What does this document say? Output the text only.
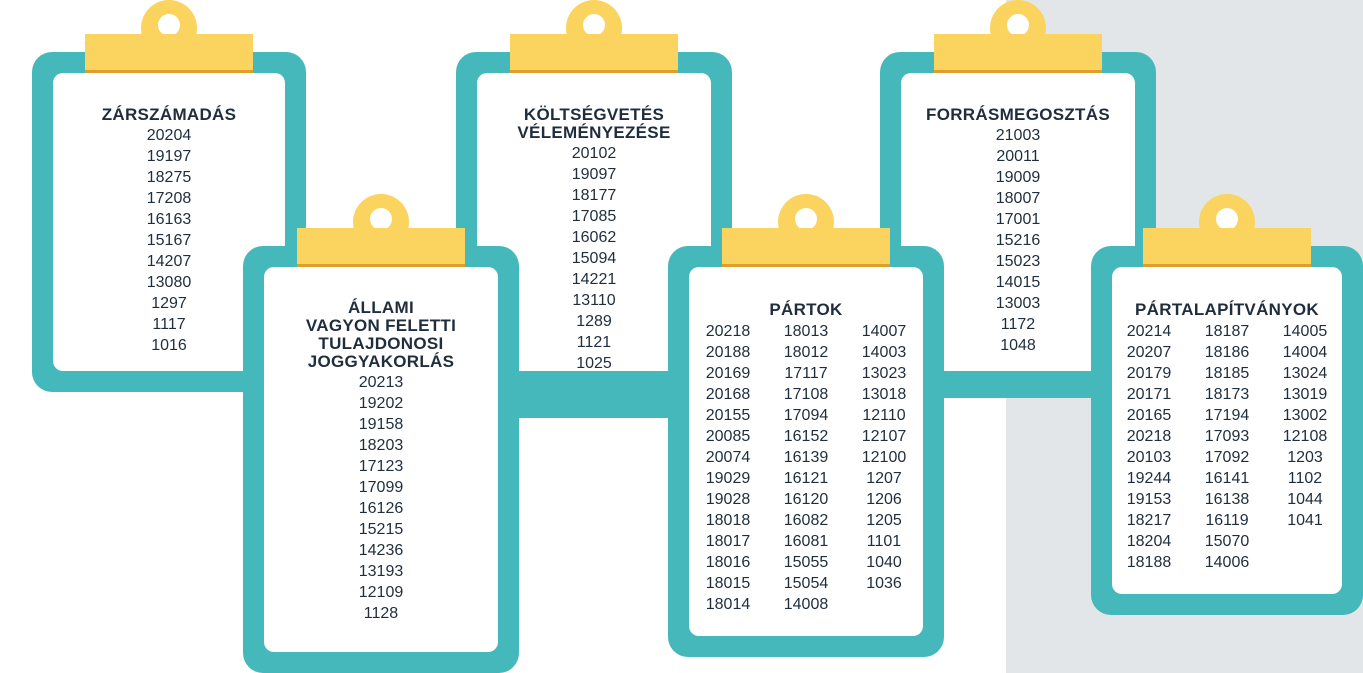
ZÁRSZÁMADÁS
20204
19197
18275
17208
16163
15167
14207
13080
1297
1117
1016
KÖLTSÉGVETÉS
VÉLEMÉNYEZÉSE
20102
19097
18177
17085
16062
15094
14221
13110
1289
1121
1025
FORRÁSMEGOSZTÁS
21003
20011
19009
18007
17001
15216
15023
14015
13003
1172
1048
ÁLLAMI
VAGYON FELETTI
TULAJDONOSI
JOGGYAKORLÁS
20213
19202
19158
18203
17123
17099
16126
15215
14236
13193
12109
1128
PÁRTOK
20218
20188
20169
20168
20155
20085
20074
19029
19028
18018
18017
18016
18015
18014
18013
18012
17117
17108
17094
16152
16139
16121
16120
16082
16081
15055
15054
14008
14007
14003
13023
13018
12110
12107
12100
1207
1206
1205
1101
1040
1036
PÁRTALAPÍTVÁNYOK
20214
20207
20179
20171
20165
20218
20103
19244
19153
18217
18204
18188
18187
18186
18185
18173
17194
17093
17092
16141
16138
16119
15070
14006
14005
14004
13024
13019
13002
12108
1203
1102
1044
1041
